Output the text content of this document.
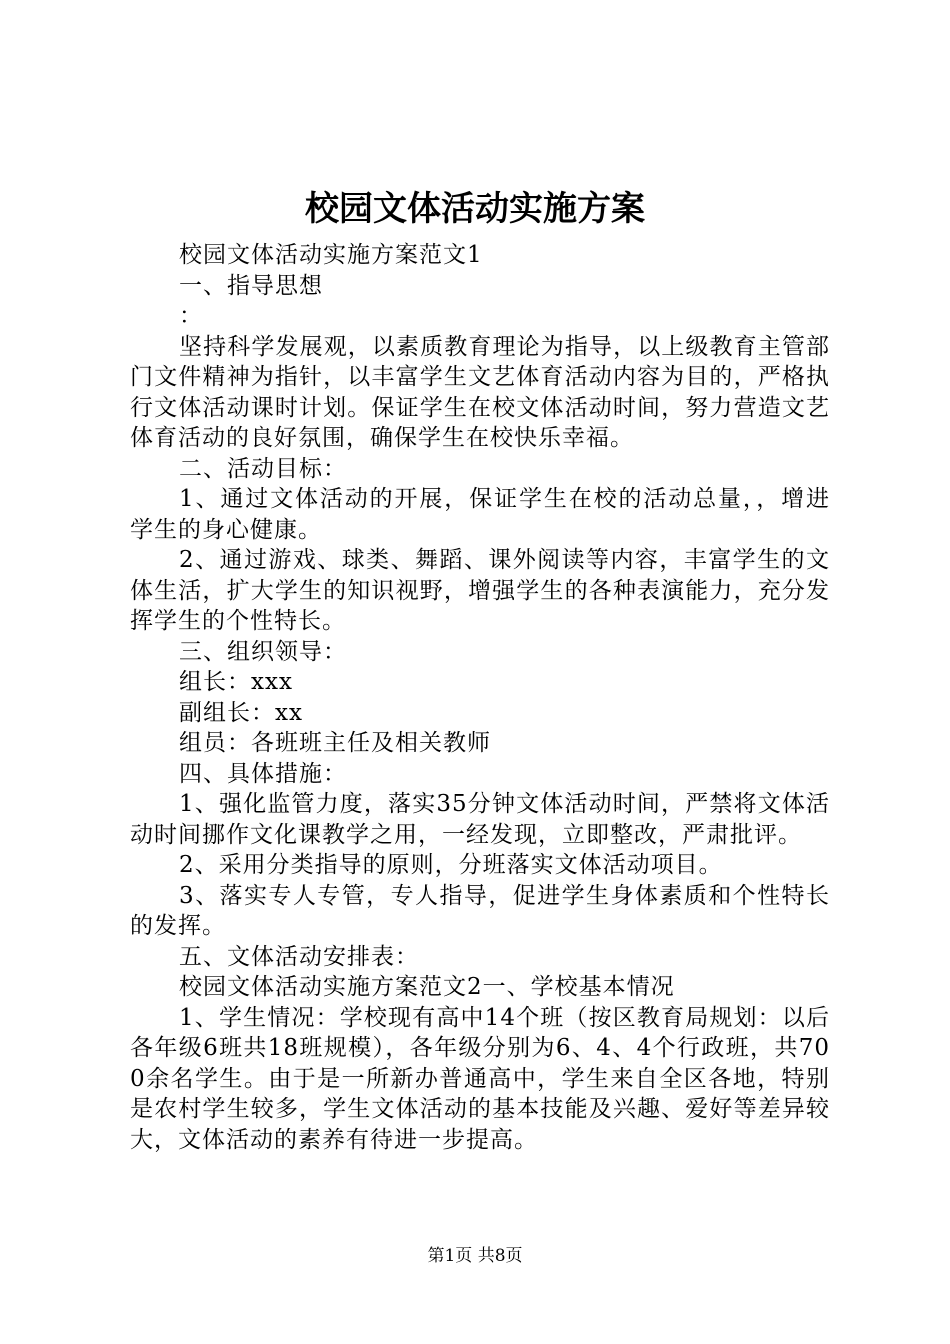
校园文体活动实施方案

校园文体活动实施方案范文1

一、指导思想

：

坚持科学发展观，以素质教育理论为指导，以上级教育主管部门文件精神为指针，以丰富学生文艺体育活动内容为目的，严格执行文体活动课时计划。保证学生在校文体活动时间，努力营造文艺体育活动的良好氛围，确保学生在校快乐幸福。

二、活动目标：

1、通过文体活动的开展，保证学生在校的活动总量，，增进学生的身心健康。

2、通过游戏、球类、舞蹈、课外阅读等内容，丰富学生的文体生活，扩大学生的知识视野，增强学生的各种表演能力，充分发挥学生的个性特长。

三、组织领导：

组长：xxx

副组长：xx

组员：各班班主任及相关教师

四、具体措施：

1、强化监管力度，落实35分钟文体活动时间，严禁将文体活动时间挪作文化课教学之用，一经发现，立即整改，严肃批评。

2、采用分类指导的原则，分班落实文体活动项目。

3、落实专人专管，专人指导，促进学生身体素质和个性特长的发挥。

五、文体活动安排表：

校园文体活动实施方案范文2一、学校基本情况

1、学生情况：学校现有高中14个班（按区教育局规划：以后各年级6班共18班规模），各年级分别为6、4、4个行政班，共700余名学生。由于是一所新办普通高中，学生来自全区各地，特别是农村学生较多，学生文体活动的基本技能及兴趣、爱好等差异较大，文体活动的素养有待进一步提高。

第1页 共8页
